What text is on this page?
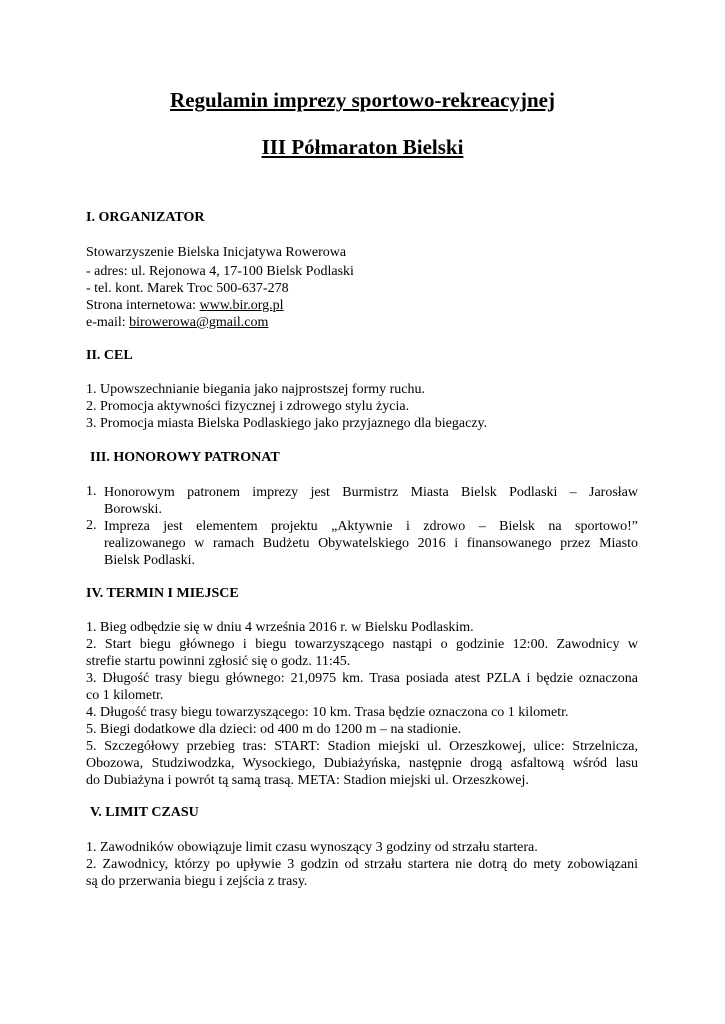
Regulamin imprezy sportowo-rekreacyjnej
III Półmaraton Bielski
I. ORGANIZATOR
Stowarzyszenie Bielska Inicjatywa Rowerowa
- adres: ul. Rejonowa 4, 17-100 Bielsk Podlaski
- tel. kont. Marek Troc 500-637-278
Strona internetowa: www.bir.org.pl
e-mail: birowerowa@gmail.com
II. CEL
1. Upowszechnianie biegania jako najprostszej formy ruchu.
2. Promocja aktywności fizycznej i zdrowego stylu życia.
3. Promocja miasta Bielska Podlaskiego jako przyjaznego dla biegaczy.
III. HONOROWY PATRONAT
1. Honorowym patronem imprezy jest Burmistrz Miasta Bielsk Podlaski – Jarosław
Borowski.
2. Impreza jest elementem projektu „Aktywnie i zdrowo – Bielsk na sportowo!”
realizowanego w ramach Budżetu Obywatelskiego 2016 i finansowanego przez Miasto
Bielsk Podlaski.
IV. TERMIN I MIEJSCE
1. Bieg odbędzie się w dniu 4 września 2016 r. w Bielsku Podlaskim.
2. Start biegu głównego i biegu towarzyszącego nastąpi o godzinie 12:00. Zawodnicy w
strefie startu powinni zgłosić się o godz. 11:45.
3. Długość trasy biegu głównego: 21,0975 km. Trasa posiada atest PZLA i będzie oznaczona
co 1 kilometr.
4. Długość trasy biegu towarzyszącego: 10 km. Trasa będzie oznaczona co 1 kilometr.
5. Biegi dodatkowe dla dzieci: od 400 m do 1200 m – na stadionie.
5. Szczegółowy przebieg tras: START: Stadion miejski ul. Orzeszkowej, ulice: Strzelnicza,
Obozowa, Studziwodzka, Wysockiego, Dubiażyńska, następnie drogą asfaltową wśród lasu
do Dubiażyna i powrót tą samą trasą. META: Stadion miejski ul. Orzeszkowej.
V. LIMIT CZASU
1. Zawodników obowiązuje limit czasu wynoszący 3 godziny od strzału startera.
2. Zawodnicy, którzy po upływie 3 godzin od strzału startera nie dotrą do mety zobowiązani
są do przerwania biegu i zejścia z trasy.
